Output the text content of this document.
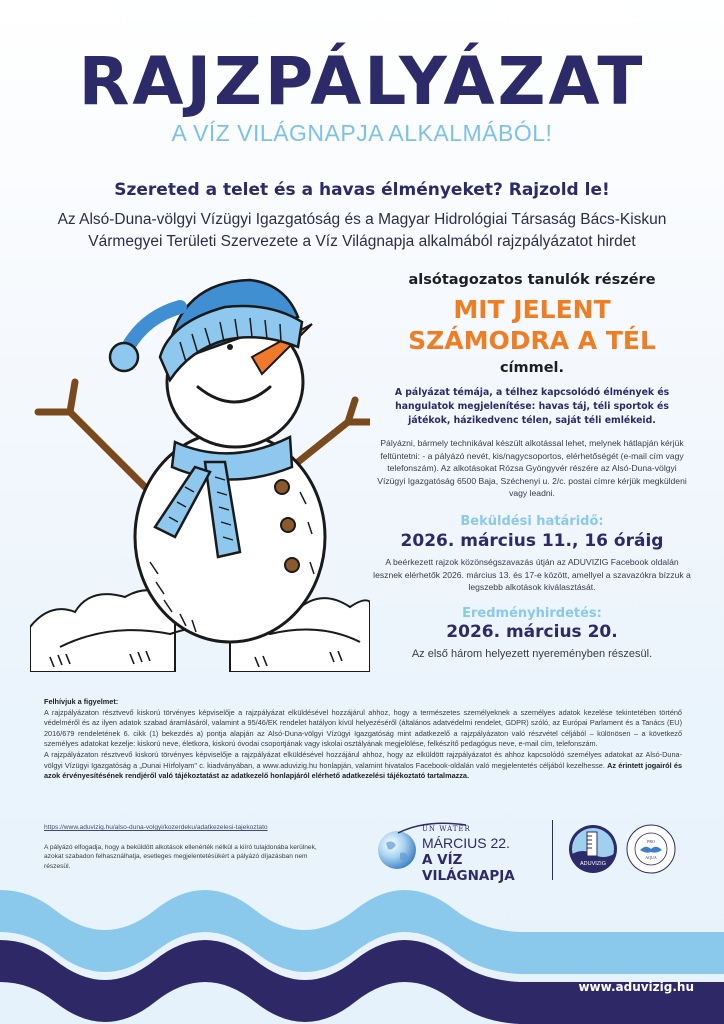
RAJZPÁLYÁZAT
A VÍZ VILÁGNAPJA ALKALMÁBÓL!
Szereted a telet és a havas élményeket? Rajzold le!
Az Alsó-Duna-völgyi Vízügyi Igazgatóság és a Magyar Hidrológiai Társaság Bács-Kiskun Vármegyei Területi Szervezete a Víz Világnapja alkalmából rajzpályázatot hirdet
alsótagozatos tanulók részére
MIT JELENT
SZÁMODRA A TÉL
címmel.
A pályázat témája, a télhez kapcsolódó élmények és hangulatok megjelenítése: havas táj, téli sportok és játékok, házikedvenc télen, saját téli emlékeid.
Pályázni, bármely technikával készült alkotással lehet, melynek hátlapján kérjük feltüntetni: - a pályázó nevét, kis/nagycsoportos, elérhetőségét (e-mail cím vagy telefonszám). Az alkotásokat Rózsa Gyöngyvér részére az Alsó-Duna-völgyi Vízügyi Igazgatóság 6500 Baja, Széchenyi u. 2/c. postai címre kérjük megküldeni vagy leadni.
Beküldési határidő:
2026. március 11., 16 óráig
A beérkezett rajzok közönségszavazás útján az ADUVIZIG Facebook oldalán lesznek elérhetők 2026. március 13. és 17-e között, amellyel a szavazókra bízzuk a legszebb alkotások kiválasztását.
Eredményhirdetés:
2026. március 20.
Az első három helyezett nyereményben részesül.
Felhívjuk a figyelmet:
A rajzpályázaton résztvevő kiskorú törvényes képviselője a rajzpályázat elküldésével hozzájárul ahhoz, hogy a természetes személyeknek a személyes adatok kezelése tekintetében történő védelméről és az ilyen adatok szabad áramlásáról, valamint a 95/46/EK rendelet hatályon kívül helyezéséről (általános adatvédelmi rendelet, GDPR) szóló, az Európai Parlament és a Tanács (EU) 2016/679 rendeletének 6. cikk (1) bekezdés a) pontja alapján az Alsó-Duna-völgyi Vízügyi Igazgatóság mint adatkezelő a rajzpályázaton való részvétel céljából – különösen – a következő személyes adatokat kezelje: kiskorú neve, életkora, kiskorú óvodai csoportjának vagy iskolai osztályának megjelölése, felkészítő pedagógus neve, e-mail cím, telefonszám.
A rajzpályázaton résztvevő kiskorú törvényes képviselője a rajzpályázat elküldésével hozzájárul ahhoz, hogy az elküldött rajzpályázatot és ahhoz kapcsolódó személyes adatokat az Alsó-Duna-völgyi Vízügyi Igazgatóság a „Dunai Hírfolyam" c. kiadványában, a www.aduvizig.hu honlapján, valamint hivatalos Facebook-oldalán való megjelentetés céljából kezelhesse. Az érintett jogairól és azok érvényesítésének rendjéről való tájékoztatást az adatkezelő honlapjáról elérhető adatkezelési tájékoztató tartalmazza.
https://www.aduvizig.hu/also-duna-volgyi/kozerdeku/adatkezelesi-tajekoztato
A pályázó elfogadja, hogy a beküldött alkotások ellenérték nélkül a kiíró tulajdonába kerülnek, azokat szabadon felhasználhatja, esetleges megjelentetésükért a pályázó díjazásban nem részesül.
UN WATER
MÁRCIUS 22.
A VÍZ VILÁGNAPJA
ADUVIZIG
PRO
AQUA
www.aduvizig.hu
